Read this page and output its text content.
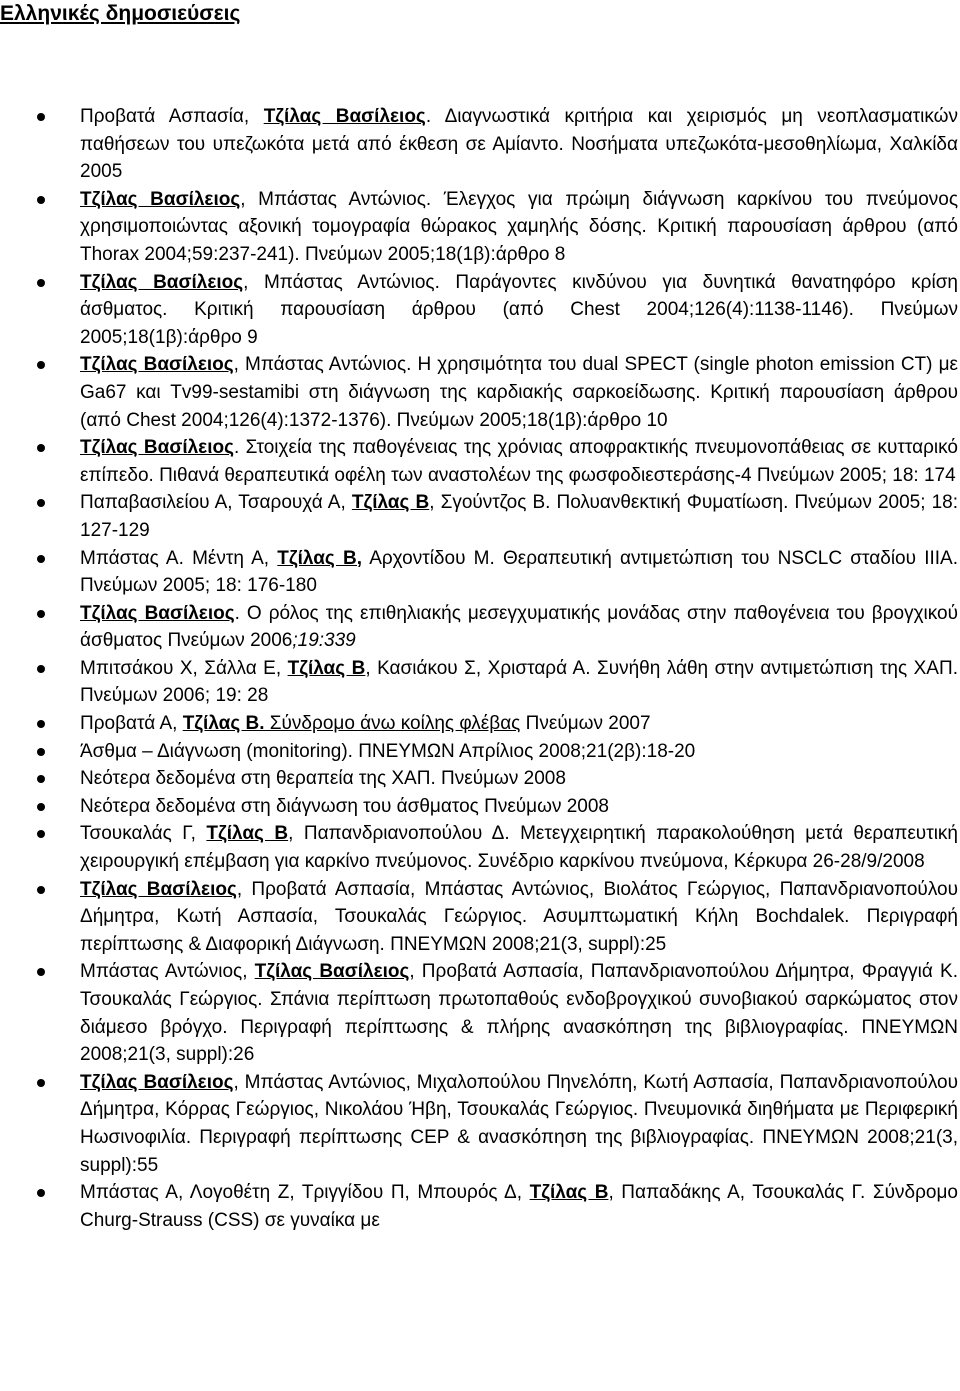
Ελληνικές δημοσιεύσεις
Προβατά Ασπασία, Τζίλας Βασίλειος. Διαγνωστικά κριτήρια και χειρισμός μη νεοπλασματικών παθήσεων του υπεζωκότα μετά από έκθεση σε Αμίαντο. Νοσήματα υπεζωκότα-μεσοθηλίωμα, Χαλκίδα 2005
Τζίλας Βασίλειος, Μπάστας Αντώνιος. Έλεγχος για πρώιμη διάγνωση καρκίνου του πνεύμονος χρησιμοποιώντας αξονική τομογραφία θώρακος χαμηλής δόσης. Κριτική παρουσίαση άρθρου (από Thorax 2004;59:237-241). Πνεύμων 2005;18(1β):άρθρο 8
Τζίλας Βασίλειος, Μπάστας Αντώνιος. Παράγοντες κινδύνου για δυνητικά θανατηφόρο κρίση άσθματος. Κριτική παρουσίαση άρθρου (από Chest 2004;126(4):1138-1146). Πνεύμων 2005;18(1β):άρθρο 9
Τζίλας Βασίλειος, Μπάστας Αντώνιος. Η χρησιμότητα του dual SPECT (single photon emission CT) με Ga67 και Tv99-sestamibi στη διάγνωση της καρδιακής σαρκοείδωσης. Κριτική παρουσίαση άρθρου (από Chest 2004;126(4):1372-1376). Πνεύμων 2005;18(1β):άρθρο 10
Τζίλας Βασίλειος. Στοιχεία της παθογένειας της χρόνιας αποφρακτικής πνευμονοπάθειας σε κυτταρικό επίπεδο. Πιθανά θεραπευτικά οφέλη των αναστολέων της φωσφοδιεστεράσης-4 Πνεύμων 2005; 18: 174
Παπαβασιλείου Α, Τσαρουχά Α, Τζίλας Β, Σγούντζος Β. Πολυανθεκτική Φυματίωση. Πνεύμων 2005; 18: 127-129
Μπάστας Α. Μέντη Α, Τζίλας Β, Αρχοντίδου Μ. Θεραπευτική αντιμετώπιση του NSCLC σταδίου IIIA. Πνεύμων 2005; 18: 176-180
Τζίλας Βασίλειος. Ο ρόλος της επιθηλιακής μεσεγχυματικής μονάδας στην παθογένεια του βρογχικού άσθματος Πνεύμων 2006;19:339
Μπιτσάκου Χ, Σάλλα Ε, Τζίλας Β, Κασιάκου Σ, Χρισταρά Α. Συνήθη λάθη στην αντιμετώπιση της ΧΑΠ. Πνεύμων 2006; 19: 28
Προβατά Α, Τζίλας Β. Σύνδρομο άνω κοίλης φλέβας Πνεύμων 2007
Άσθμα – Διάγνωση (monitoring). ΠΝΕΥΜΩΝ Απρίλιος 2008;21(2β):18-20
Νεότερα δεδομένα στη θεραπεία της ΧΑΠ. Πνεύμων 2008
Νεότερα δεδομένα στη διάγνωση του άσθματος Πνεύμων 2008
Τσουκαλάς Γ, Τζίλας Β, Παπανδριανοπούλου Δ. Μετεγχειρητική παρακολούθηση μετά θεραπευτική χειρουργική επέμβαση για καρκίνο πνεύμονος. Συνέδριο καρκίνου πνεύμονα, Κέρκυρα 26-28/9/2008
Τζίλας Βασίλειος, Προβατά Ασπασία, Μπάστας Αντώνιος, Βιολάτος Γεώργιος, Παπανδριανοπούλου Δήμητρα, Κωτή Ασπασία, Τσουκαλάς Γεώργιος. Ασυμπτωματική Κήλη Bochdalek. Περιγραφή περίπτωσης & Διαφορική Διάγνωση. ΠΝΕΥΜΩΝ 2008;21(3, suppl):25
Μπάστας Αντώνιος, Τζίλας Βασίλειος, Προβατά Ασπασία, Παπανδριανοπούλου Δήμητρα, Φραγγιά Κ. Τσουκαλάς Γεώργιος. Σπάνια περίπτωση πρωτοπαθούς ενδοβρογχικού συνοβιακού σαρκώματος στον διάμεσο βρόγχο. Περιγραφή περίπτωσης & πλήρης ανασκόπηση της βιβλιογραφίας. ΠΝΕΥΜΩΝ 2008;21(3, suppl):26
Τζίλας Βασίλειος, Μπάστας Αντώνιος, Μιχαλοπούλου Πηνελόπη, Κωτή Ασπασία, Παπανδριανοπούλου Δήμητρα, Κόρρας Γεώργιος, Νικολάου Ήβη, Τσουκαλάς Γεώργιος. Πνευμονικά διηθήματα με Περιφερική Ηωσινοφιλία. Περιγραφή περίπτωσης CEP & ανασκόπηση της βιβλιογραφίας. ΠΝΕΥΜΩΝ 2008;21(3, suppl):55
Μπάστας Α, Λογοθέτη Ζ, Τριγγίδου Π, Μπουρός Δ, Τζίλας Β, Παπαδάκης Α, Τσουκαλάς Γ. Σύνδρομο Churg-Strauss (CSS) σε γυναίκα με
